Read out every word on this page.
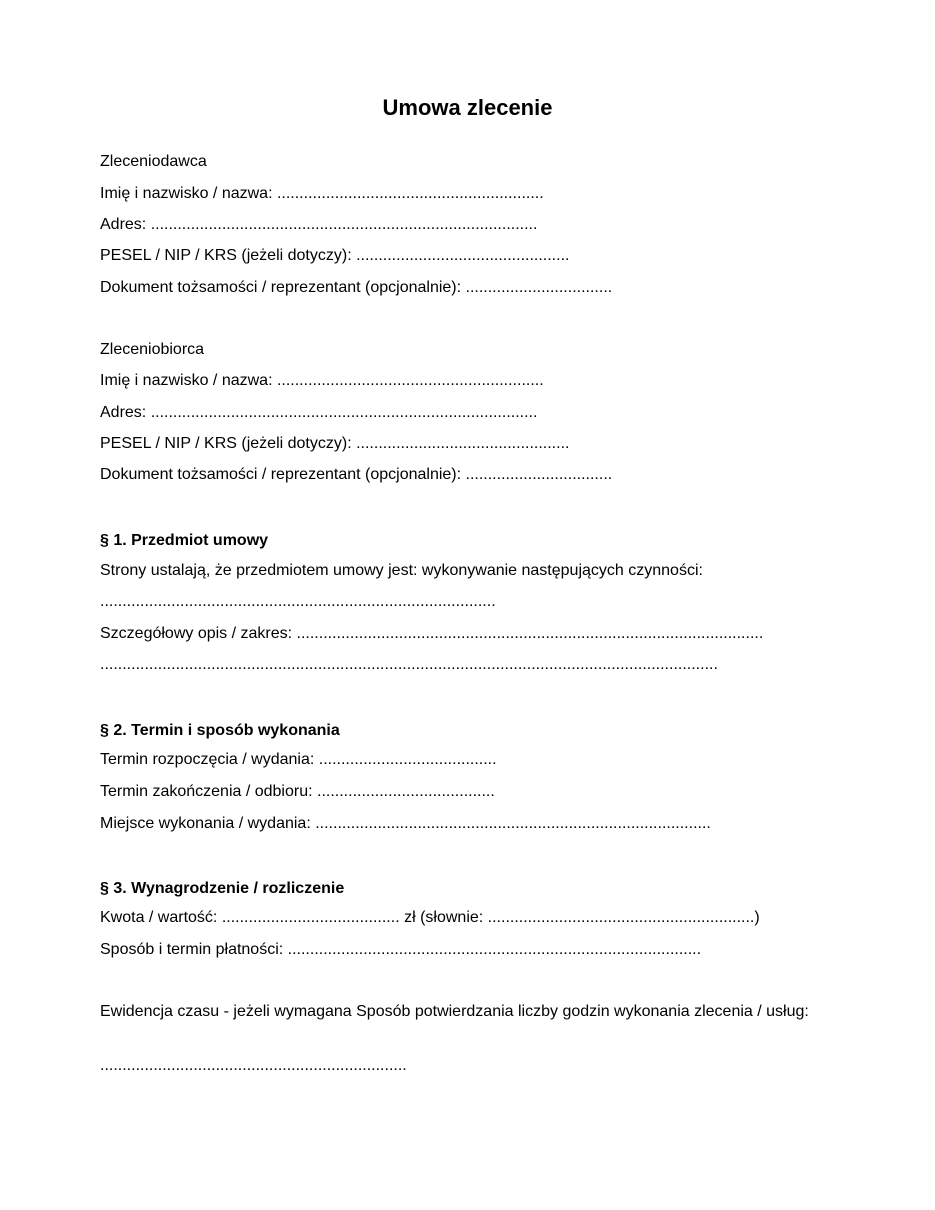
Umowa zlecenie

Zleceniodawca

Imię i nazwisko / nazwa: ............................................................

Adres: .......................................................................................

PESEL / NIP / KRS (jeżeli dotyczy): ................................................

Dokument tożsamości / reprezentant (opcjonalnie): .................................

Zleceniobiorca

Imię i nazwisko / nazwa: ............................................................

Adres: .......................................................................................

PESEL / NIP / KRS (jeżeli dotyczy): ................................................

Dokument tożsamości / reprezentant (opcjonalnie): .................................

§ 1. Przedmiot umowy

Strony ustalają, że przedmiotem umowy jest: wykonywanie następujących czynności:

.........................................................................................

Szczegółowy opis / zakres: .........................................................................................................

...........................................................................................................................................

§ 2. Termin i sposób wykonania

Termin rozpoczęcia / wydania: ........................................

Termin zakończenia / odbioru: ........................................

Miejsce wykonania / wydania: .........................................................................................

§ 3. Wynagrodzenie / rozliczenie

Kwota / wartość: ........................................ zł (słownie: ............................................................)

Sposób i termin płatności: .............................................................................................

Ewidencja czasu - jeżeli wymagana Sposób potwierdzania liczby godzin wykonania zlecenia / usług:

.....................................................................
